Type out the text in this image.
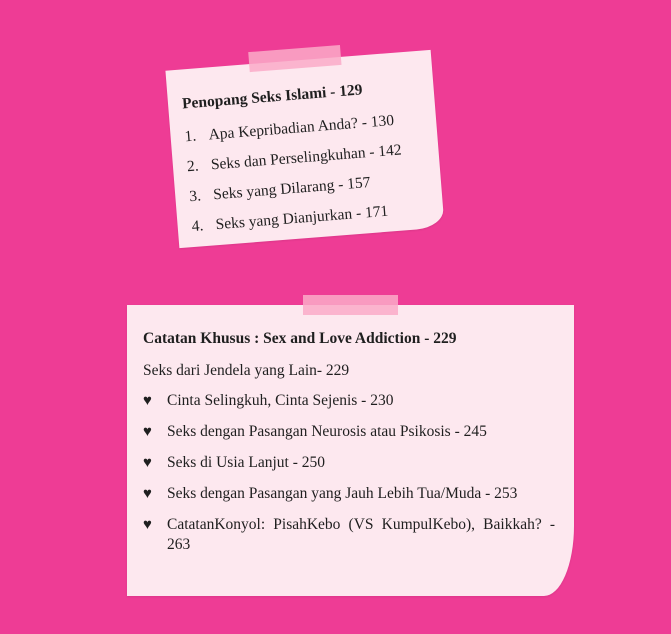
Penopang Seks Islami - 129
1. Apa Kepribadian Anda? - 130
2. Seks dan Perselingkuhan - 142
3. Seks yang Dilarang - 157
4. Seks yang Dianjurkan - 171
Catatan Khusus : Sex and Love Addiction - 229
Seks dari Jendela yang Lain- 229
♥ Cinta Selingkuh, Cinta Sejenis - 230
♥ Seks dengan Pasangan Neurosis atau Psikosis - 245
♥ Seks di Usia Lanjut - 250
♥ Seks dengan Pasangan yang Jauh Lebih Tua/Muda - 253
♥ CatatanKonyol: PisahKebo (VS KumpulKebo), Baikkah? - 263
